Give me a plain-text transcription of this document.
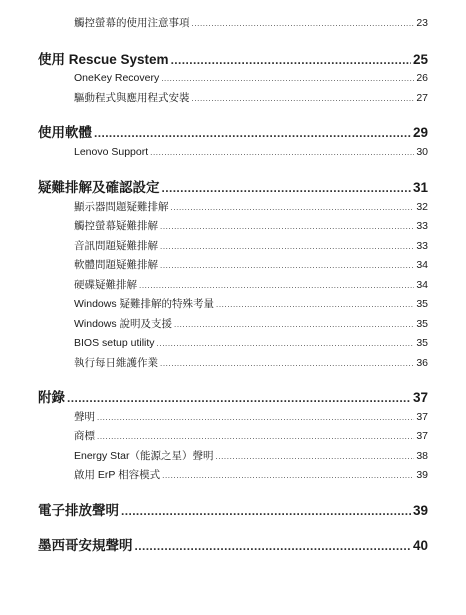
觸控螢幕的使用注意事項 .....	23
使用 Rescue System .....	25
OneKey Recovery .....	26
驅動程式與應用程式安裝 .....	27
使用軟體 .....	29
Lenovo Support .....	30
疑難排解及確認設定 .....	31
顯示器問題疑難排解 .....	32
觸控螢幕疑難排解 .....	33
音訊問題疑難排解 .....	33
軟體問題疑難排解 .....	34
硬碟疑難排解 .....	34
Windows 疑難排解的特殊考量 .....	35
Windows 說明及支援 .....	35
BIOS setup utility .....	35
執行每日維護作業 .....	36
附錄 .....	37
聲明 .....	37
商標 .....	37
Energy Star（能源之星）聲明 .....	38
啟用 ErP 相容模式 .....	39
電子排放聲明 .....	39
墨西哥安規聲明 .....	40
